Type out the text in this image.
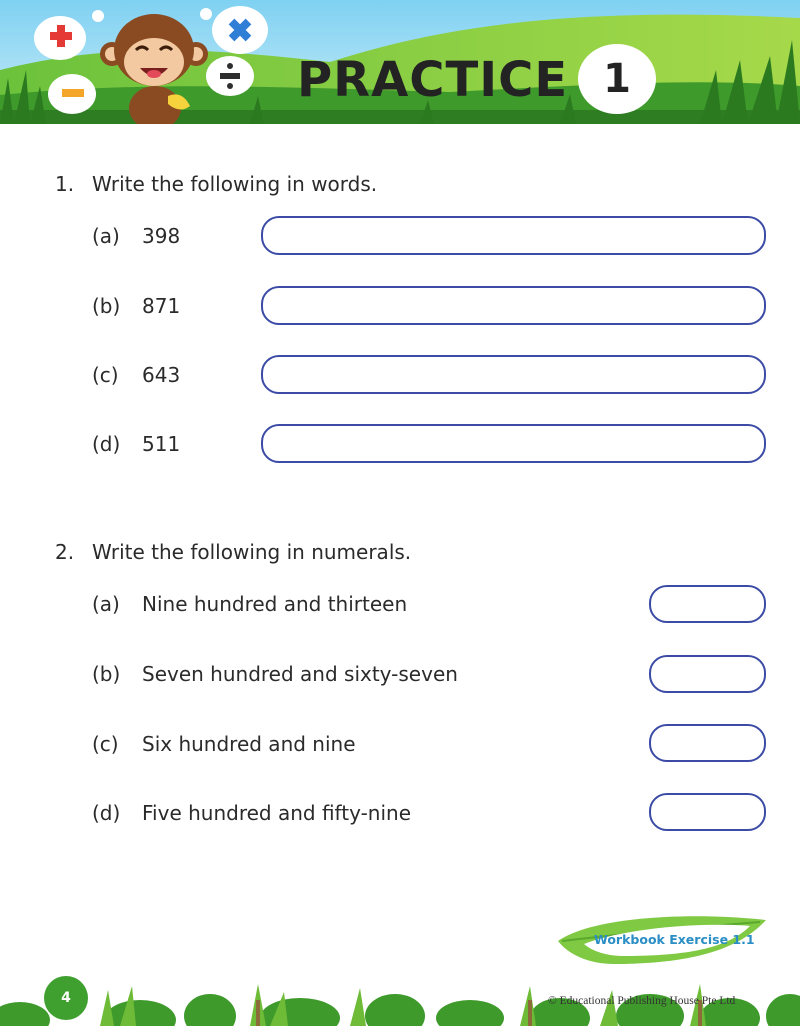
PRACTICE 1
1. Write the following in words.
(a) 398
(b) 871
(c) 643
(d) 511
2. Write the following in numerals.
(a) Nine hundred and thirteen
(b) Seven hundred and sixty-seven
(c) Six hundred and nine
(d) Five hundred and fifty-nine
Workbook Exercise 1.1
4	© Educational Publishing House Pte Ltd
